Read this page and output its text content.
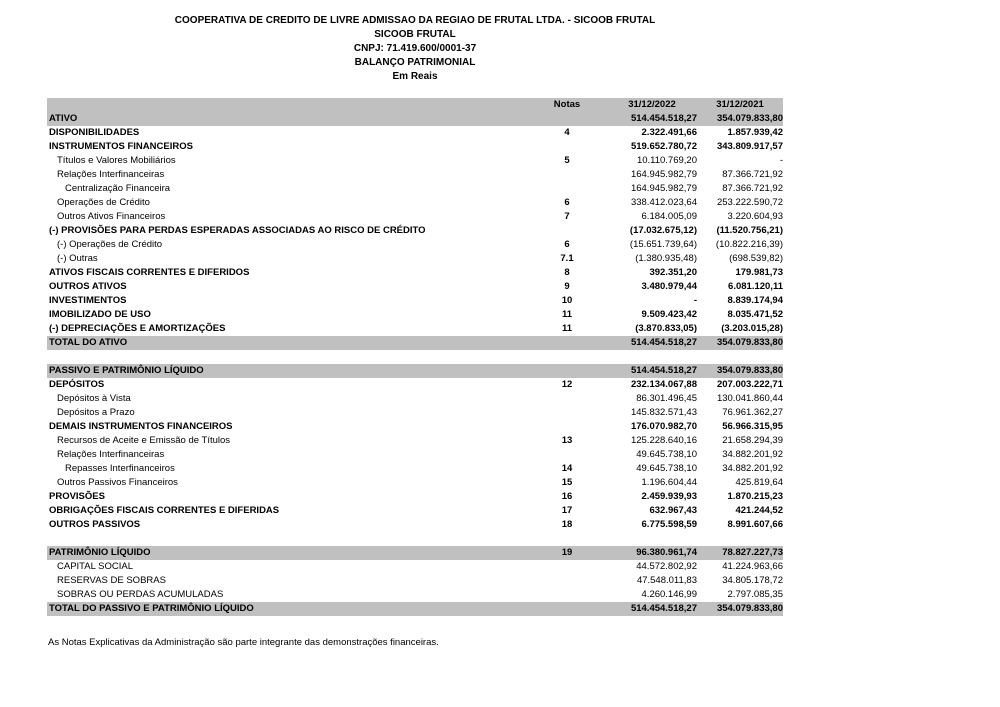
COOPERATIVA DE CREDITO DE LIVRE ADMISSAO DA REGIAO DE FRUTAL LTDA. - SICOOB FRUTAL
SICOOB FRUTAL
CNPJ: 71.419.600/0001-37
BALANÇO PATRIMONIAL
Em Reais
	Notas	31/12/2022	31/12/2021
ATIVO		514.454.518,27	354.079.833,80
DISPONIBILIDADES	4	2.322.491,66	1.857.939,42
INSTRUMENTOS FINANCEIROS		519.652.780,72	343.809.917,57
Títulos e Valores Mobiliários	5	10.110.769,20	-
Relações Interfinanceiras		164.945.982,79	87.366.721,92
Centralização Financeira		164.945.982,79	87.366.721,92
Operações de Crédito	6	338.412.023,64	253.222.590,72
Outros Ativos Financeiros	7	6.184.005,09	3.220.604,93
(-) PROVISÕES PARA PERDAS ESPERADAS ASSOCIADAS AO RISCO DE CRÉDITO		(17.032.675,12)	(11.520.756,21)
(-) Operações de Crédito	6	(15.651.739,64)	(10.822.216,39)
(-) Outras	7.1	(1.380.935,48)	(698.539,82)
ATIVOS FISCAIS CORRENTES E DIFERIDOS	8	392.351,20	179.981,73
OUTROS ATIVOS	9	3.480.979,44	6.081.120,11
INVESTIMENTOS	10	-	8.839.174,94
IMOBILIZADO DE USO	11	9.509.423,42	8.035.471,52
(-) DEPRECIAÇÕES E AMORTIZAÇÕES	11	(3.870.833,05)	(3.203.015,28)
TOTAL DO ATIVO		514.454.518,27	354.079.833,80

PASSIVO E PATRIMÔNIO LÍQUIDO		514.454.518,27	354.079.833,80
DEPÓSITOS	12	232.134.067,88	207.003.222,71
Depósitos à Vista		86.301.496,45	130.041.860,44
Depósitos a Prazo		145.832.571,43	76.961.362,27
DEMAIS INSTRUMENTOS FINANCEIROS		176.070.982,70	56.966.315,95
Recursos de Aceite e Emissão de Títulos	13	125.228.640,16	21.658.294,39
Relações Interfinanceiras		49.645.738,10	34.882.201,92
Repasses Interfinanceiros	14	49.645.738,10	34.882.201,92
Outros Passivos Financeiros	15	1.196.604,44	425.819,64
PROVISÕES	16	2.459.939,93	1.870.215,23
OBRIGAÇÕES FISCAIS CORRENTES E DIFERIDAS	17	632.967,43	421.244,52
OUTROS PASSIVOS	18	6.775.598,59	8.991.607,66

PATRIMÔNIO LÍQUIDO	19	96.380.961,74	78.827.227,73
CAPITAL SOCIAL		44.572.802,92	41.224.963,66
RESERVAS DE SOBRAS		47.548.011,83	34.805.178,72
SOBRAS OU PERDAS ACUMULADAS		4.260.146,99	2.797.085,35
TOTAL DO PASSIVO E PATRIMÔNIO LÍQUIDO		514.454.518,27	354.079.833,80
As Notas Explicativas da Administração são parte integrante das demonstrações financeiras.
